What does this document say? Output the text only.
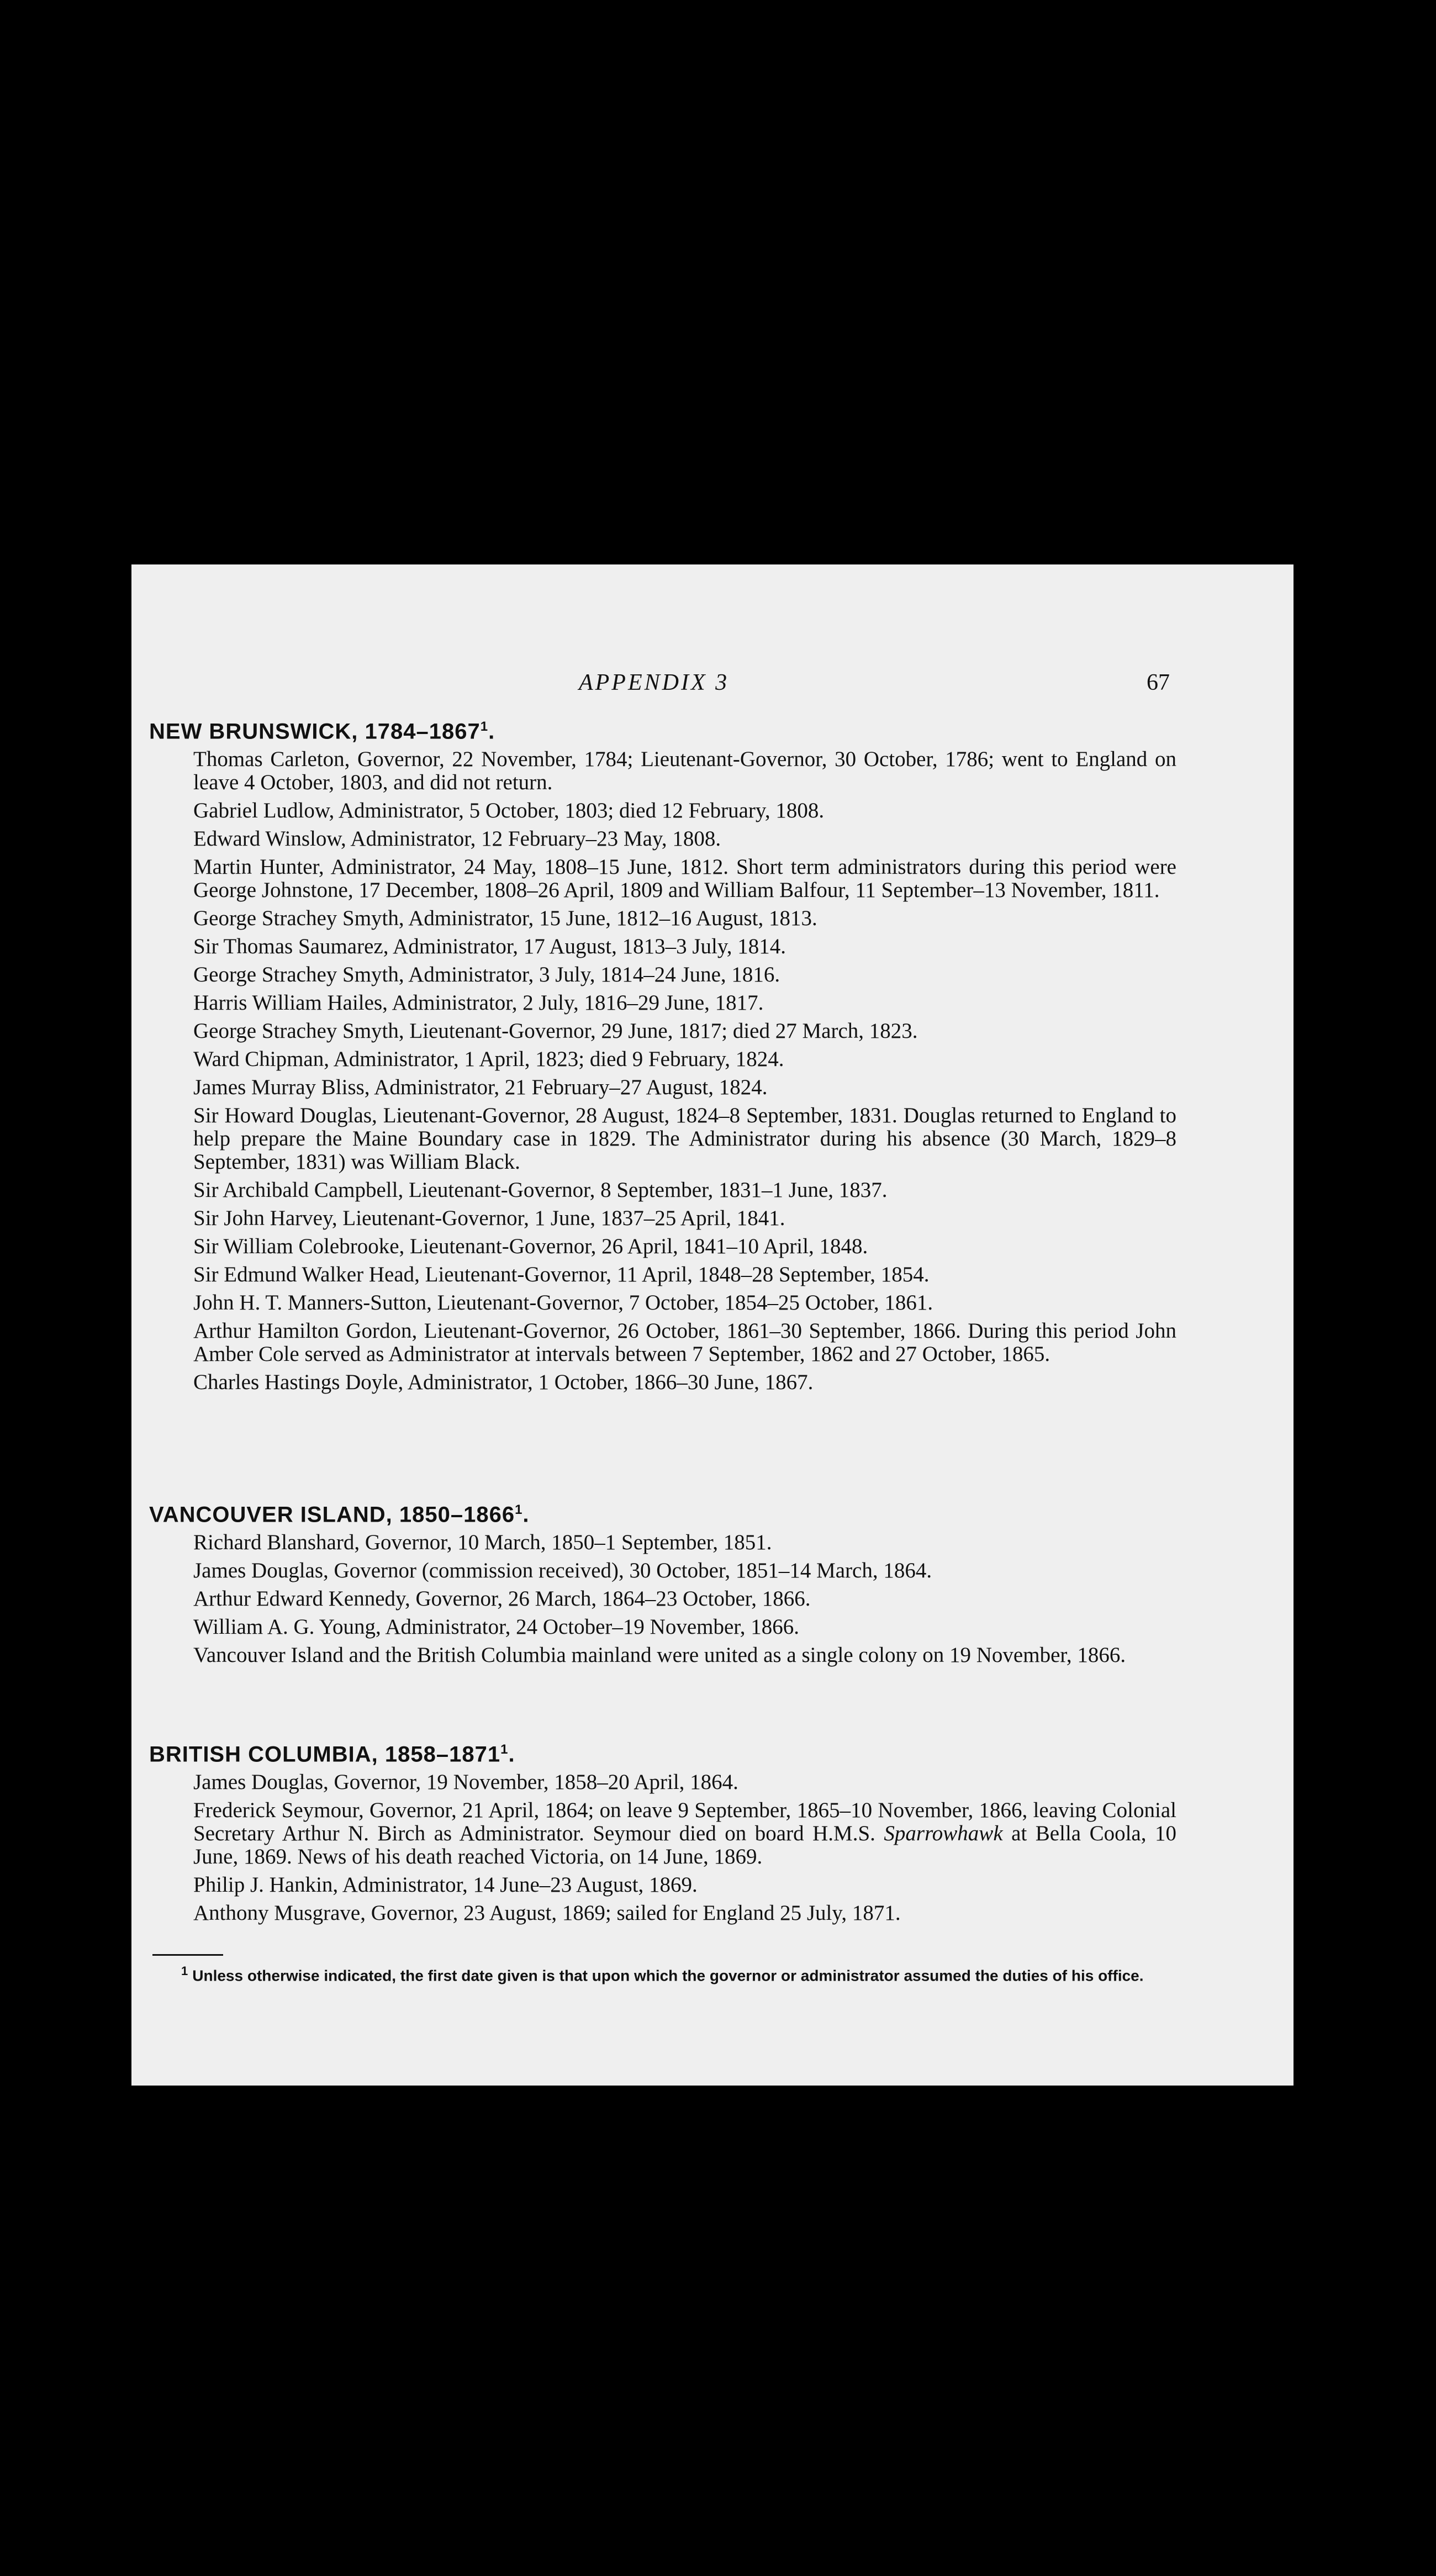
APPENDIX 3	67
NEW BRUNSWICK, 1784–1867$^1$.

Thomas Carleton, Governor, 22 November, 1784; Lieutenant-Governor, 30 October, 1786; went to England on leave 4 October, 1803, and did not return.

Gabriel Ludlow, Administrator, 5 October, 1803; died 12 February, 1808.

Edward Winslow, Administrator, 12 February–23 May, 1808.

Martin Hunter, Administrator, 24 May, 1808–15 June, 1812. Short term administrators during this period were George Johnstone, 17 December, 1808–26 April, 1809 and William Balfour, 11 September–13 November, 1811.

George Strachey Smyth, Administrator, 15 June, 1812–16 August, 1813.

Sir Thomas Saumarez, Administrator, 17 August, 1813–3 July, 1814.

George Strachey Smyth, Administrator, 3 July, 1814–24 June, 1816.

Harris William Hailes, Administrator, 2 July, 1816–29 June, 1817.

George Strachey Smyth, Lieutenant-Governor, 29 June, 1817; died 27 March, 1823.

Ward Chipman, Administrator, 1 April, 1823; died 9 February, 1824.

James Murray Bliss, Administrator, 21 February–27 August, 1824.

Sir Howard Douglas, Lieutenant-Governor, 28 August, 1824–8 September, 1831. Douglas returned to England to help prepare the Maine Boundary case in 1829. The Administrator during his absence (30 March, 1829–8 September, 1831) was William Black.

Sir Archibald Campbell, Lieutenant-Governor, 8 September, 1831–1 June, 1837.

Sir John Harvey, Lieutenant-Governor, 1 June, 1837–25 April, 1841.

Sir William Colebrooke, Lieutenant-Governor, 26 April, 1841–10 April, 1848.

Sir Edmund Walker Head, Lieutenant-Governor, 11 April, 1848–28 September, 1854.

John H. T. Manners-Sutton, Lieutenant-Governor, 7 October, 1854–25 October, 1861.

Arthur Hamilton Gordon, Lieutenant-Governor, 26 October, 1861–30 September, 1866. During this period John Amber Cole served as Administrator at intervals between 7 September, 1862 and 27 October, 1865.

Charles Hastings Doyle, Administrator, 1 October, 1866–30 June, 1867.

VANCOUVER ISLAND, 1850–1866$^1$.

Richard Blanshard, Governor, 10 March, 1850–1 September, 1851.

James Douglas, Governor (commission received), 30 October, 1851–14 March, 1864.

Arthur Edward Kennedy, Governor, 26 March, 1864–23 October, 1866.

William A. G. Young, Administrator, 24 October–19 November, 1866.

Vancouver Island and the British Columbia mainland were united as a single colony on 19 November, 1866.

BRITISH COLUMBIA, 1858–1871$^1$.

James Douglas, Governor, 19 November, 1858–20 April, 1864.

Frederick Seymour, Governor, 21 April, 1864; on leave 9 September, 1865–10 November, 1866, leaving Colonial Secretary Arthur N. Birch as Administrator. Seymour died on board H.M.S. Sparrowhawk at Bella Coola, 10 June, 1869. News of his death reached Victoria, on 14 June, 1869.

Philip J. Hankin, Administrator, 14 June–23 August, 1869.

Anthony Musgrave, Governor, 23 August, 1869; sailed for England 25 July, 1871.

$^1$ Unless otherwise indicated, the first date given is that upon which the governor or administrator assumed the duties of his office.
